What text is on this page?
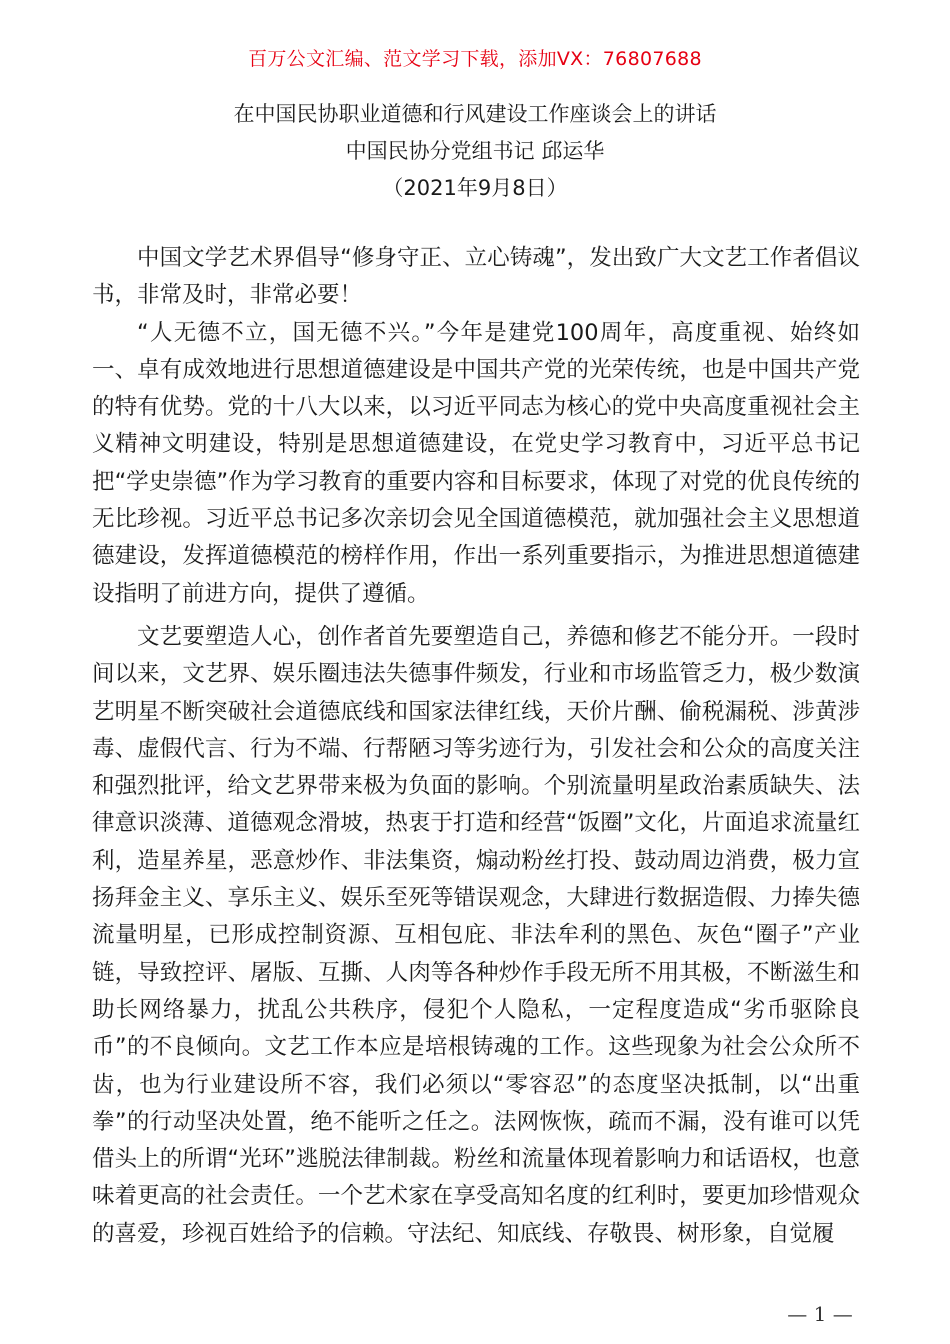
百万公文汇编、范文学习下载，添加VX：76807688
在中国民协职业道德和行风建设工作座谈会上的讲话
中国民协分党组书记 邱运华
（2021年9月8日）

中国文学艺术界倡导“修身守正、立心铸魂”，发出致广大文艺工作者倡议书，非常及时，非常必要！

“人无德不立，国无德不兴。”今年是建党100周年，高度重视、始终如一、卓有成效地进行思想道德建设是中国共产党的光荣传统，也是中国共产党的特有优势。党的十八大以来，以习近平同志为核心的党中央高度重视社会主义精神文明建设，特别是思想道德建设，在党史学习教育中，习近平总书记把“学史崇德”作为学习教育的重要内容和目标要求，体现了对党的优良传统的无比珍视。习近平总书记多次亲切会见全国道德模范，就加强社会主义思想道德建设，发挥道德模范的榜样作用，作出一系列重要指示，为推进思想道德建设指明了前进方向，提供了遵循。

文艺要塑造人心，创作者首先要塑造自己，养德和修艺不能分开。一段时间以来，文艺界、娱乐圈违法失德事件频发，行业和市场监管乏力，极少数演艺明星不断突破社会道德底线和国家法律红线，天价片酬、偷税漏税、涉黄涉毒、虚假代言、行为不端、行帮陋习等劣迹行为，引发社会和公众的高度关注和强烈批评，给文艺界带来极为负面的影响。个别流量明星政治素质缺失、法律意识淡薄、道德观念滑坡，热衷于打造和经营“饭圈”文化，片面追求流量红利，造星养星，恶意炒作、非法集资，煽动粉丝打投、鼓动周边消费，极力宣扬拜金主义、享乐主义、娱乐至死等错误观念，大肆进行数据造假、力捧失德流量明星，已形成控制资源、互相包庇、非法牟利的黑色、灰色“圈子”产业链，导致控评、屠版、互撕、人肉等各种炒作手段无所不用其极，不断滋生和助长网络暴力，扰乱公共秩序，侵犯个人隐私，一定程度造成“劣币驱除良币”的不良倾向。文艺工作本应是培根铸魂的工作。这些现象为社会公众所不齿，也为行业建设所不容，我们必须以“零容忍”的态度坚决抵制，以“出重拳”的行动坚决处置，绝不能听之任之。法网恢恢，疏而不漏，没有谁可以凭借头上的所谓“光环”逃脱法律制裁。粉丝和流量体现着影响力和话语权，也意味着更高的社会责任。一个艺术家在享受高知名度的红利时，要更加珍惜观众的喜爱，珍视百姓给予的信赖。守法纪、知底线、存敬畏、树形象，自觉履

— 1 —
